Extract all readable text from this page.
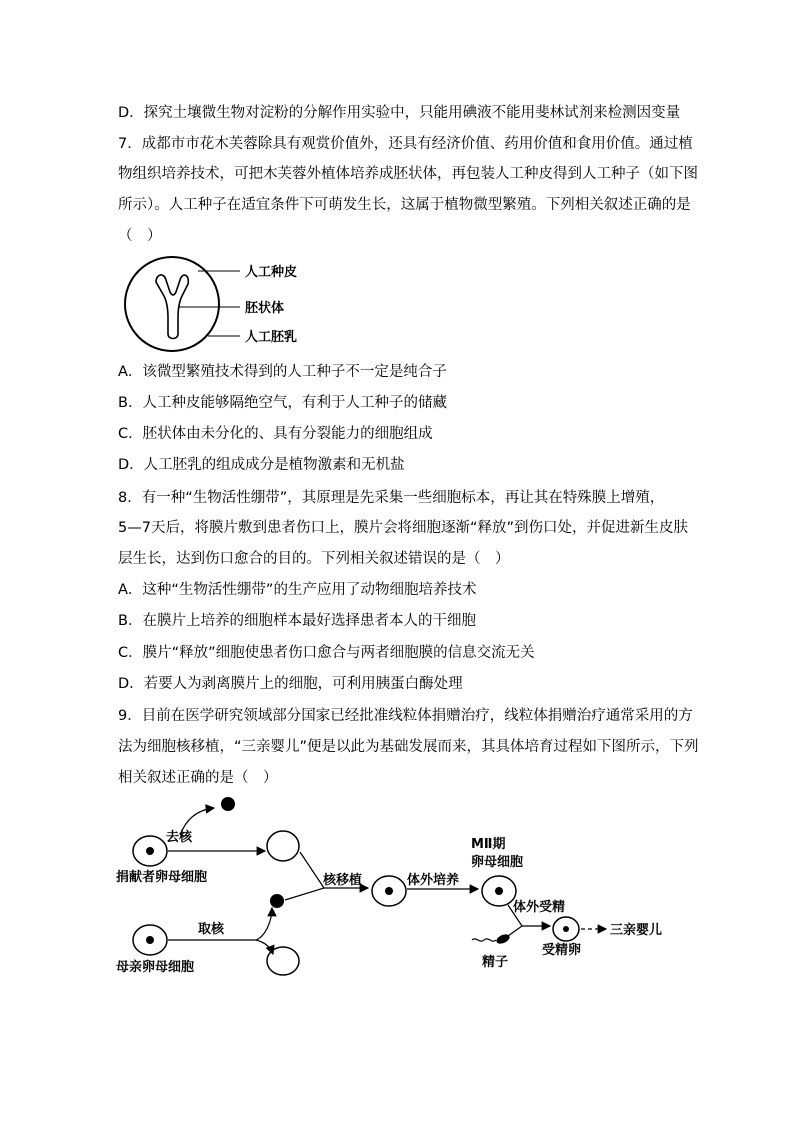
D．探究土壤微生物对淀粉的分解作用实验中，只能用碘液不能用斐林试剂来检测因变量
7．成都市市花木芙蓉除具有观赏价值外，还具有经济价值、药用价值和食用价值。通过植
物组织培养技术，可把木芙蓉外植体培养成胚状体，再包装人工种皮得到人工种子（如下图
所示）。人工种子在适宜条件下可萌发生长，这属于植物微型繁殖。下列相关叙述正确的是
（　）
人工种皮
胚状体
人工胚乳
A．该微型繁殖技术得到的人工种子不一定是纯合子
B．人工种皮能够隔绝空气，有利于人工种子的储藏
C．胚状体由未分化的、具有分裂能力的细胞组成
D．人工胚乳的组成成分是植物激素和无机盐
8．有一种“生物活性绷带”，其原理是先采集一些细胞标本，再让其在特殊膜上增殖，
5—7天后，将膜片敷到患者伤口上，膜片会将细胞逐渐“释放”到伤口处，并促进新生皮肤
层生长，达到伤口愈合的目的。下列相关叙述错误的是（　）
A．这种“生物活性绷带”的生产应用了动物细胞培养技术
B．在膜片上培养的细胞样本最好选择患者本人的干细胞
C．膜片“释放”细胞使患者伤口愈合与两者细胞膜的信息交流无关
D．若要人为剥离膜片上的细胞，可利用胰蛋白酶处理
9．目前在医学研究领域部分国家已经批准线粒体捐赠治疗，线粒体捐赠治疗通常采用的方
法为细胞核移植，“三亲婴儿”便是以此为基础发展而来，其具体培育过程如下图所示，下列
相关叙述正确的是（　）
去核
捐献者卵母细胞
取核
母亲卵母细胞
核移植	体外培养
MⅡ期
卵母细胞
精子
体外受精
受精卵
三亲婴儿
